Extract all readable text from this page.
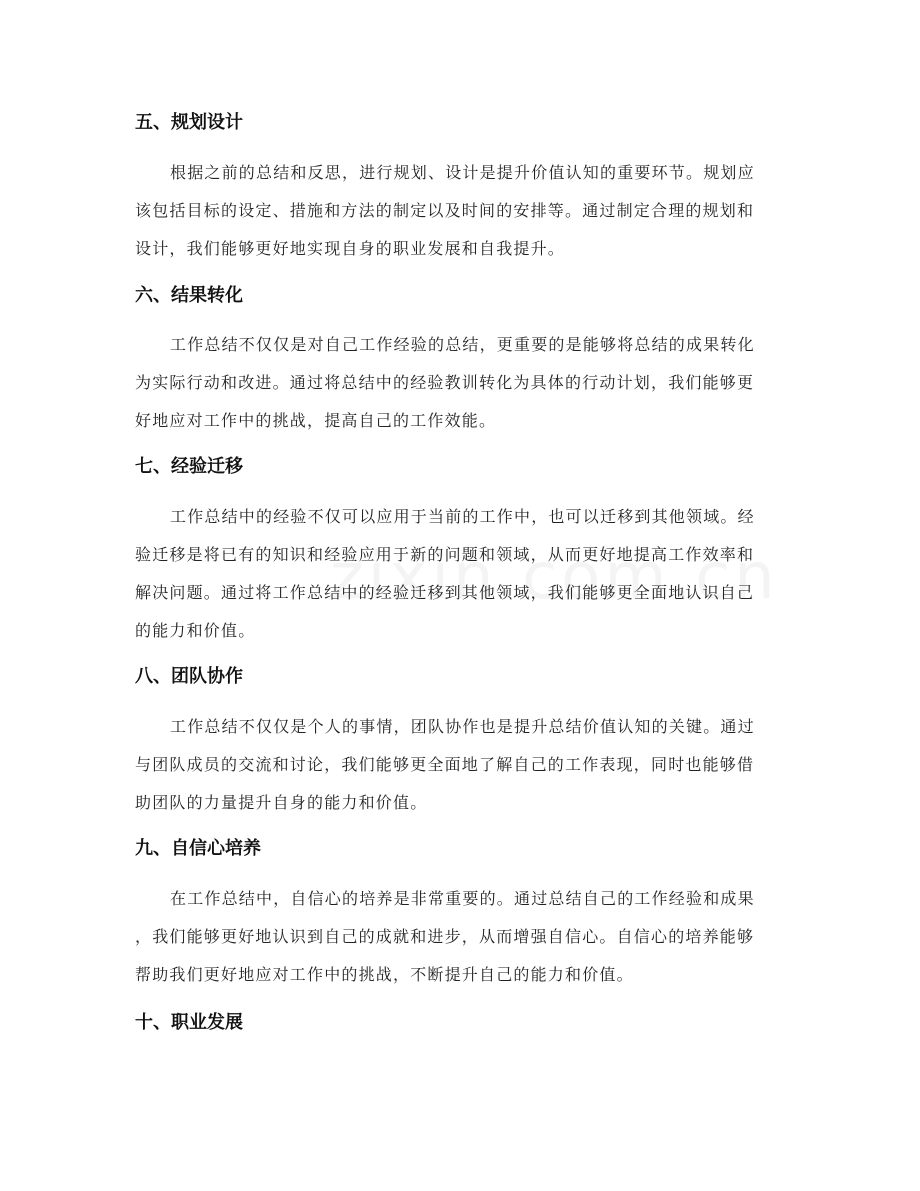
五、规划设计
根据之前的总结和反思，进行规划、设计是提升价值认知的重要环节。规划应
该包括目标的设定、措施和方法的制定以及时间的安排等。通过制定合理的规划和
设计，我们能够更好地实现自身的职业发展和自我提升。
六、结果转化
工作总结不仅仅是对自己工作经验的总结，更重要的是能够将总结的成果转化
为实际行动和改进。通过将总结中的经验教训转化为具体的行动计划，我们能够更
好地应对工作中的挑战，提高自己的工作效能。
七、经验迁移
工作总结中的经验不仅可以应用于当前的工作中，也可以迁移到其他领域。经
验迁移是将已有的知识和经验应用于新的问题和领域，从而更好地提高工作效率和
解决问题。通过将工作总结中的经验迁移到其他领域，我们能够更全面地认识自己
的能力和价值。
八、团队协作
工作总结不仅仅是个人的事情，团队协作也是提升总结价值认知的关键。通过
与团队成员的交流和讨论，我们能够更全面地了解自己的工作表现，同时也能够借
助团队的力量提升自身的能力和价值。
九、自信心培养
在工作总结中，自信心的培养是非常重要的。通过总结自己的工作经验和成果
，我们能够更好地认识到自己的成就和进步，从而增强自信心。自信心的培养能够
帮助我们更好地应对工作中的挑战，不断提升自己的能力和价值。
十、职业发展
